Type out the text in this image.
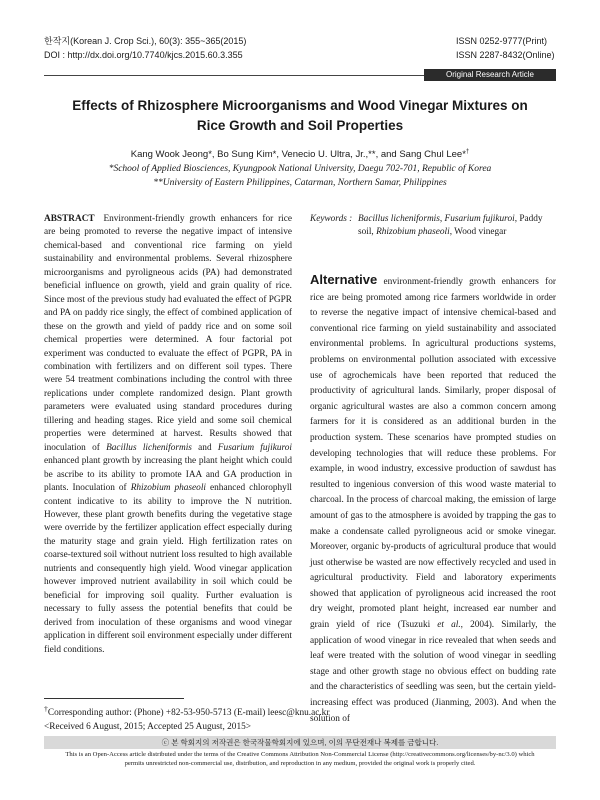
한작지(Korean J. Crop Sci.), 60(3): 355~365(2015)
DOI : http://dx.doi.org/10.7740/kjcs.2015.60.3.355
ISSN 0252-9777(Print)
ISSN 2287-8432(Online)
Original Research Article
Effects of Rhizosphere Microorganisms and Wood Vinegar Mixtures on
Rice Growth and Soil Properties
Kang Wook Jeong*, Bo Sung Kim*, Venecio U. Ultra, Jr.,**, and Sang Chul Lee*†
*School of Applied Biosciences, Kyungpook National University, Daegu 702-701, Republic of Korea
**University of Eastern Philippines, Catarman, Northern Samar, Philippines
ABSTRACT Environment-friendly growth enhancers for rice are being promoted to reverse the negative impact of intensive chemical-based and conventional rice farming on yield sustainability and environmental problems. Several rhizosphere microorganisms and pyroligneous acids (PA) had demonstrated beneficial influence on growth, yield and grain quality of rice. Since most of the previous study had evaluated the effect of PGPR and PA on paddy rice singly, the effect of combined application of these on the growth and yield of paddy rice and on some soil chemical properties were determined. A four factorial pot experiment was conducted to evaluate the effect of PGPR, PA in combination with fertilizers and on different soil types. There were 54 treatment combinations including the control with three replications under complete randomized design. Plant growth parameters were evaluated using standard procedures during tillering and heading stages. Rice yield and some soil chemical properties were determined at harvest. Results showed that inoculation of Bacillus licheniformis and Fusarium fujikuroi enhanced plant growth by increasing the plant height which could be ascribe to its ability to promote IAA and GA production in plants. Inoculation of Rhizobium phaseoli enhanced chlorophyll content indicative to its ability to improve the N nutrition. However, these plant growth benefits during the vegetative stage were override by the fertilizer application effect especially during the maturity stage and grain yield. High fertilization rates on coarse-textured soil without nutrient loss resulted to high available nutrients and consequently high yield. Wood vinegar application however improved nutrient availability in soil which could be beneficial for improving soil quality. Further evaluation is necessary to fully assess the potential benefits that could be derived from inoculation of these organisms and wood vinegar application in different soil environment especially under different field conditions.
Keywords : Bacillus licheniformis, Fusarium fujikuroi, Paddy soil, Rhizobium phaseoli, Wood vinegar
Alternative environment-friendly growth enhancers for rice are being promoted among rice farmers worldwide in order to reverse the negative impact of intensive chemical-based and conventional rice farming on yield sustainability and associated environmental problems. In agricultural productions systems, problems on environmental pollution associated with excessive use of agrochemicals have been reported that reduced the productivity of agricultural lands. Similarly, proper disposal of organic agricultural wastes are also a common concern among farmers for it is considered as an additional burden in the production system. These scenarios have prompted studies on developing technologies that will reduce these problems. For example, in wood industry, excessive production of sawdust has resulted to ingenious conversion of this wood waste material to charcoal. In the process of charcoal making, the emission of large amount of gas to the atmosphere is avoided by trapping the gas to make a condensate called pyroligneous acid or smoke vinegar. Moreover, organic by-products of agricultural produce that would just otherwise be wasted are now effectively recycled and used in agricultural productivity. Field and laboratory experiments showed that application of pyroligneous acid increased the root dry weight, promoted plant height, increased ear number and grain yield of rice (Tsuzuki et al., 2004). Similarly, the application of wood vinegar in rice revealed that when seeds and leaf were treated with the solution of wood vinegar in seedling stage and other growth stage no obvious effect on budding rate and the characteristics of seedling was seen, but the certain yield-increasing effect was produced (Jianming, 2003). And when the solution of
†Corresponding author: (Phone) +82-53-950-5713 (E-mail) leesc@knu.ac.kr
<Received 6 August, 2015; Accepted 25 August, 2015>
ⓒ 본 학회지의 저작권은 한국작물학회지에 있으며, 이의 무단전재나 복제를 금합니다.
This is an Open-Access article distributed under the terms of the Creative Commons Attribution Non-Commercial License (http://creativecommons.org/licenses/by-nc/3.0) which
permits unrestricted non-commercial use, distribution, and reproduction in any medium, provided the original work is properly cited.
